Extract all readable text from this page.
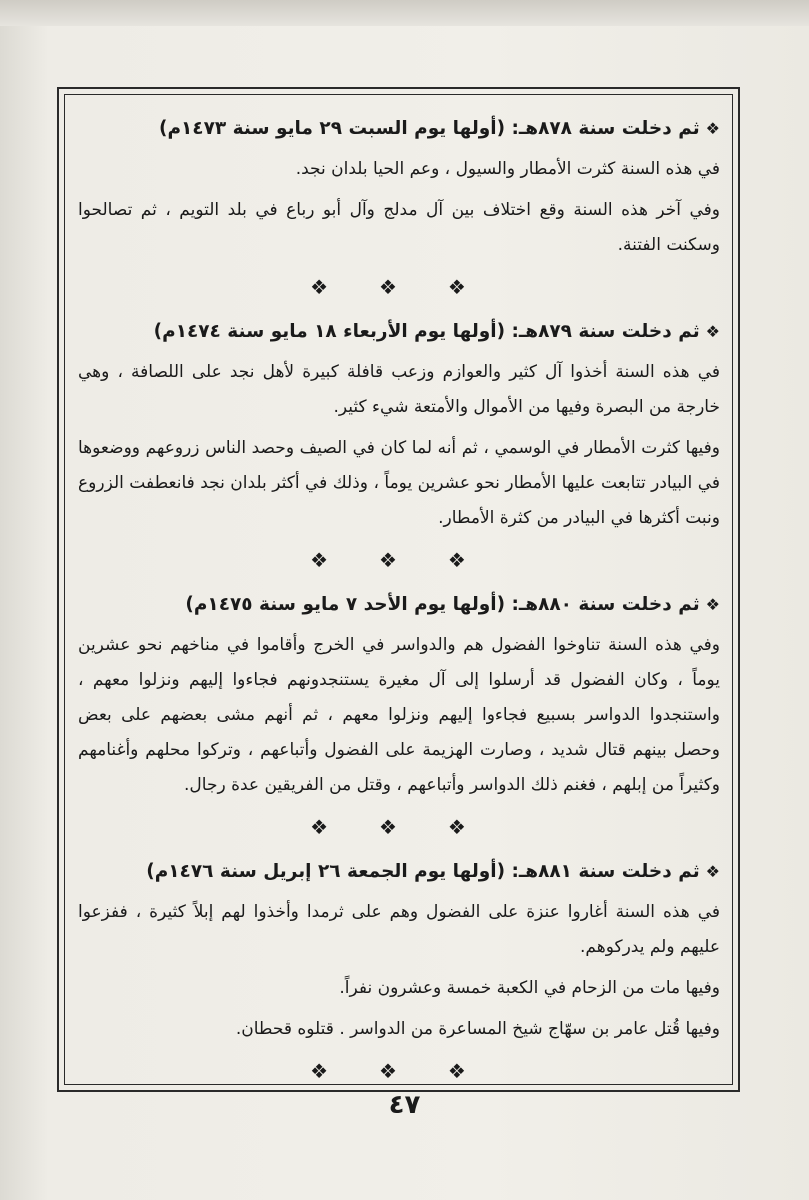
❖ثم دخلت سنة ٨٧٨هـ: (أولها يوم السبت ٢٩ مايو سنة ١٤٧٣م)

في هذه السنة كثرت الأمطار والسيول ، وعم الحيا بلدان نجد.

وفي آخر هذه السنة وقع اختلاف بين آل مدلج وآل أبو رباع في بلد التويم ، ثم تصالحوا وسكنت الفتنة.

❖ ❖ ❖
❖ثم دخلت سنة ٨٧٩هـ: (أولها يوم الأربعاء ١٨ مايو سنة ١٤٧٤م)

في هذه السنة أخذوا آل كثير والعوازم وزعب قافلة كبيرة لأهل نجد على اللصافة ، وهي خارجة من البصرة وفيها من الأموال والأمتعة شيء كثير.

وفيها كثرت الأمطار في الوسمي ، ثم أنه لما كان في الصيف وحصد الناس زروعهم ووضعوها في البيادر تتابعت عليها الأمطار نحو عشرين يوماً ، وذلك في أكثر بلدان نجد فانعطفت الزروع ونبت أكثرها في البيادر من كثرة الأمطار.

❖ ❖ ❖
❖ثم دخلت سنة ٨٨٠هـ: (أولها يوم الأحد ٧ مايو سنة ١٤٧٥م)

وفي هذه السنة تناوخوا الفضول هم والدواسر في الخرج وأقاموا في مناخهم نحو عشرين يوماً ، وكان الفضول قد أرسلوا إلى آل مغيرة يستنجدونهم فجاءوا إليهم ونزلوا معهم ، واستنجدوا الدواسر بسبيع فجاءوا إليهم ونزلوا معهم ، ثم أنهم مشى بعضهم على بعض وحصل بينهم قتال شديد ، وصارت الهزيمة على الفضول وأتباعهم ، وتركوا محلهم وأغنامهم وكثيراً من إبلهم ، فغنم ذلك الدواسر وأتباعهم ، وقتل من الفريقين عدة رجال.

❖ ❖ ❖
❖ثم دخلت سنة ٨٨١هـ: (أولها يوم الجمعة ٢٦ إبريل سنة ١٤٧٦م)

في هذه السنة أغاروا عنزة على الفضول وهم على ثرمدا وأخذوا لهم إبلاً كثيرة ، ففزعوا عليهم ولم يدركوهم.

وفيها مات من الزحام في الكعبة خمسة وعشرون نفراً.

وفيها قُتل عامر بن سهّاج شيخ المساعرة من الدواسر . قتلوه قحطان.

❖ ❖ ❖
٤٧
